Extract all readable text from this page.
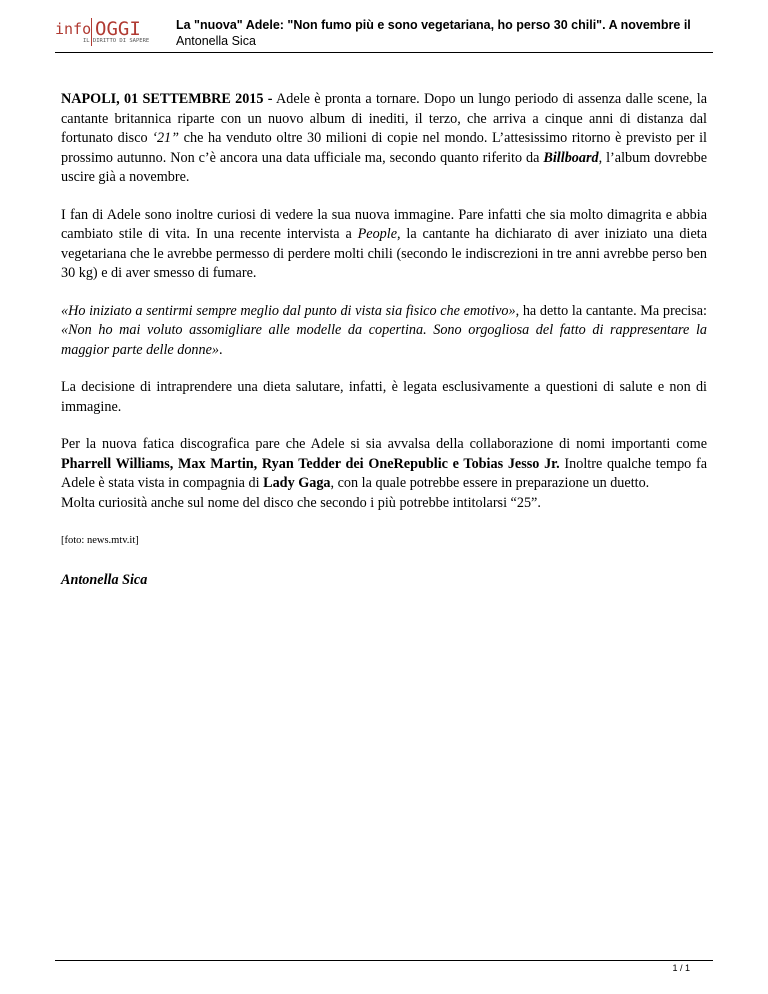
info OGGI
IL DIRITTO DI SAPERE
La "nuova" Adele: "Non fumo più e sono vegetariana, ho perso 30 chili". A novembre il
Antonella Sica

NAPOLI, 01 SETTEMBRE 2015 - Adele è pronta a tornare. Dopo un lungo periodo di assenza dalle scene, la cantante britannica riparte con un nuovo album di inediti, il terzo, che arriva a cinque anni di distanza dal fortunato disco ‘21” che ha venduto oltre 30 milioni di copie nel mondo. L’attesissimo ritorno è previsto per il prossimo autunno. Non c’è ancora una data ufficiale ma, secondo quanto riferito da Billboard, l’album dovrebbe uscire già a novembre.

I fan di Adele sono inoltre curiosi di vedere la sua nuova immagine. Pare infatti che sia molto dimagrita e abbia cambiato stile di vita. In una recente intervista a People, la cantante ha dichiarato di aver iniziato una dieta vegetariana che le avrebbe permesso di perdere molti chili (secondo le indiscrezioni in tre anni avrebbe perso ben 30 kg) e di aver smesso di fumare.

«Ho iniziato a sentirmi sempre meglio dal punto di vista sia fisico che emotivo», ha detto la cantante. Ma precisa: «Non ho mai voluto assomigliare alle modelle da copertina. Sono orgogliosa del fatto di rappresentare la maggior parte delle donne».

La decisione di intraprendere una dieta salutare, infatti, è legata esclusivamente a questioni di salute e non di immagine.

Per la nuova fatica discografica pare che Adele si sia avvalsa della collaborazione di nomi importanti come Pharrell Williams, Max Martin, Ryan Tedder dei OneRepublic e Tobias Jesso Jr. Inoltre qualche tempo fa Adele è stata vista in compagnia di Lady Gaga, con la quale potrebbe essere in preparazione un duetto.

Molta curiosità anche sul nome del disco che secondo i più potrebbe intitolarsi “25”.

[foto: news.mtv.it]

Antonella Sica

1 / 1
